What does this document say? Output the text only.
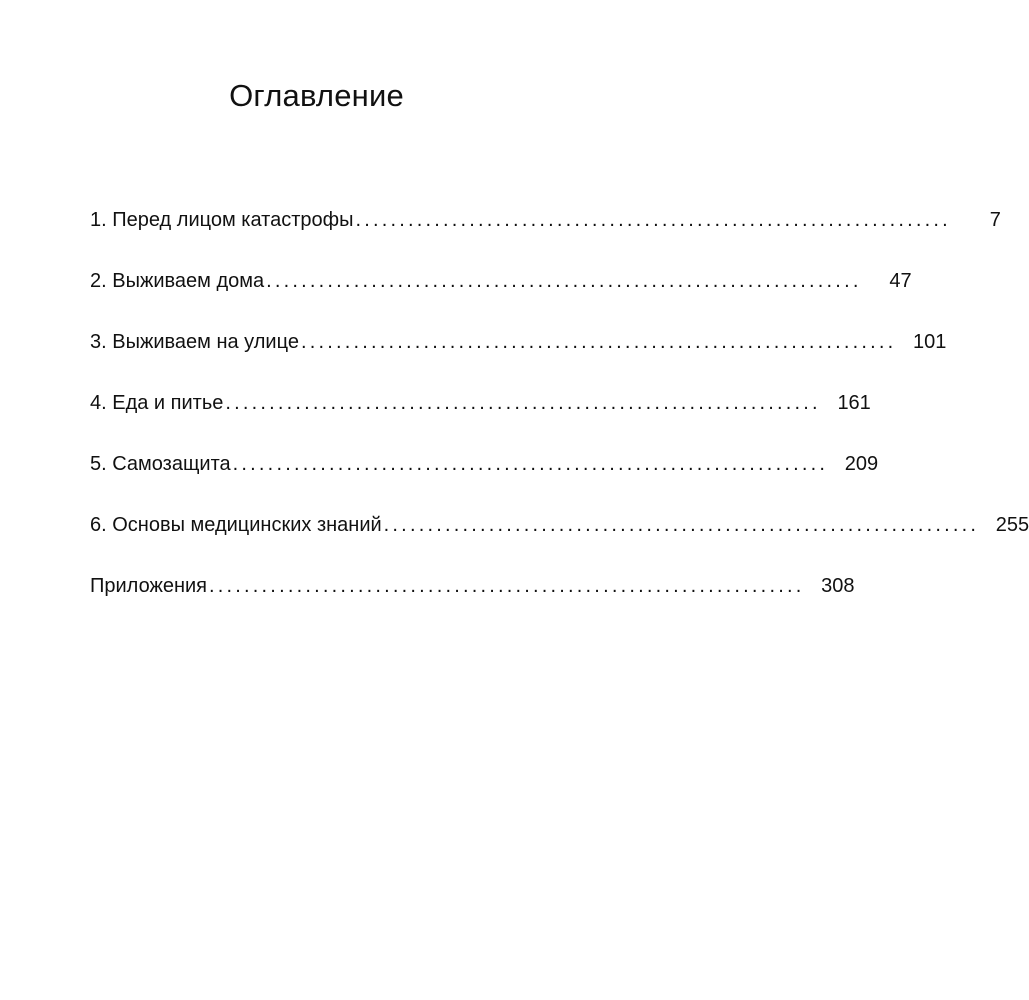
Оглавление
1. Перед лицом катастрофы ....................................................................	7
2. Выживаем дома ....................................................................	47
3. Выживаем на улице .................................................................... 101
4. Еда и питье .................................................................... 161
5. Самозащита .................................................................... 209
6. Основы медицинских знаний .................................................................... 255
Приложения .................................................................... 308
